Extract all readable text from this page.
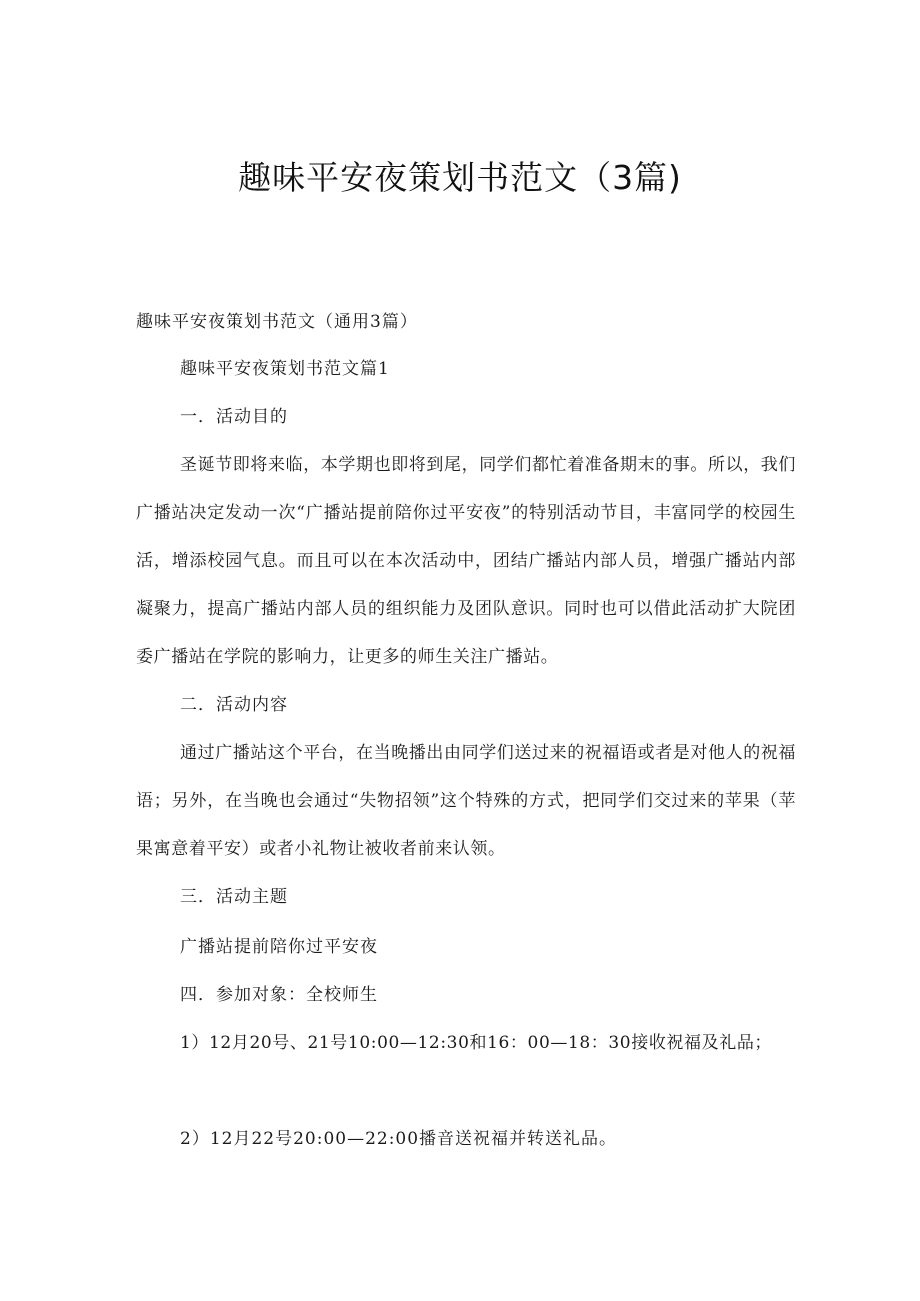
趣味平安夜策划书范文（3篇)

趣味平安夜策划书范文（通用3篇）

趣味平安夜策划书范文篇1

一．活动目的

圣诞节即将来临，本学期也即将到尾，同学们都忙着准备期末的事。所以，我们广播站决定发动一次“广播站提前陪你过平安夜”的特别活动节目，丰富同学的校园生活，增添校园气息。而且可以在本次活动中，团结广播站内部人员，增强广播站内部凝聚力，提高广播站内部人员的组织能力及团队意识。同时也可以借此活动扩大院团委广播站在学院的影响力，让更多的师生关注广播站。

二．活动内容

通过广播站这个平台，在当晚播出由同学们送过来的祝福语或者是对他人的祝福语；另外，在当晚也会通过“失物招领”这个特殊的方式，把同学们交过来的苹果（苹果寓意着平安）或者小礼物让被收者前来认领。

三．活动主题

广播站提前陪你过平安夜

四．参加对象：全校师生

1）12月20号、21号10:00—12:30和16：00—18：30接收祝福及礼品；

2）12月22号20:00—22:00播音送祝福并转送礼品。
